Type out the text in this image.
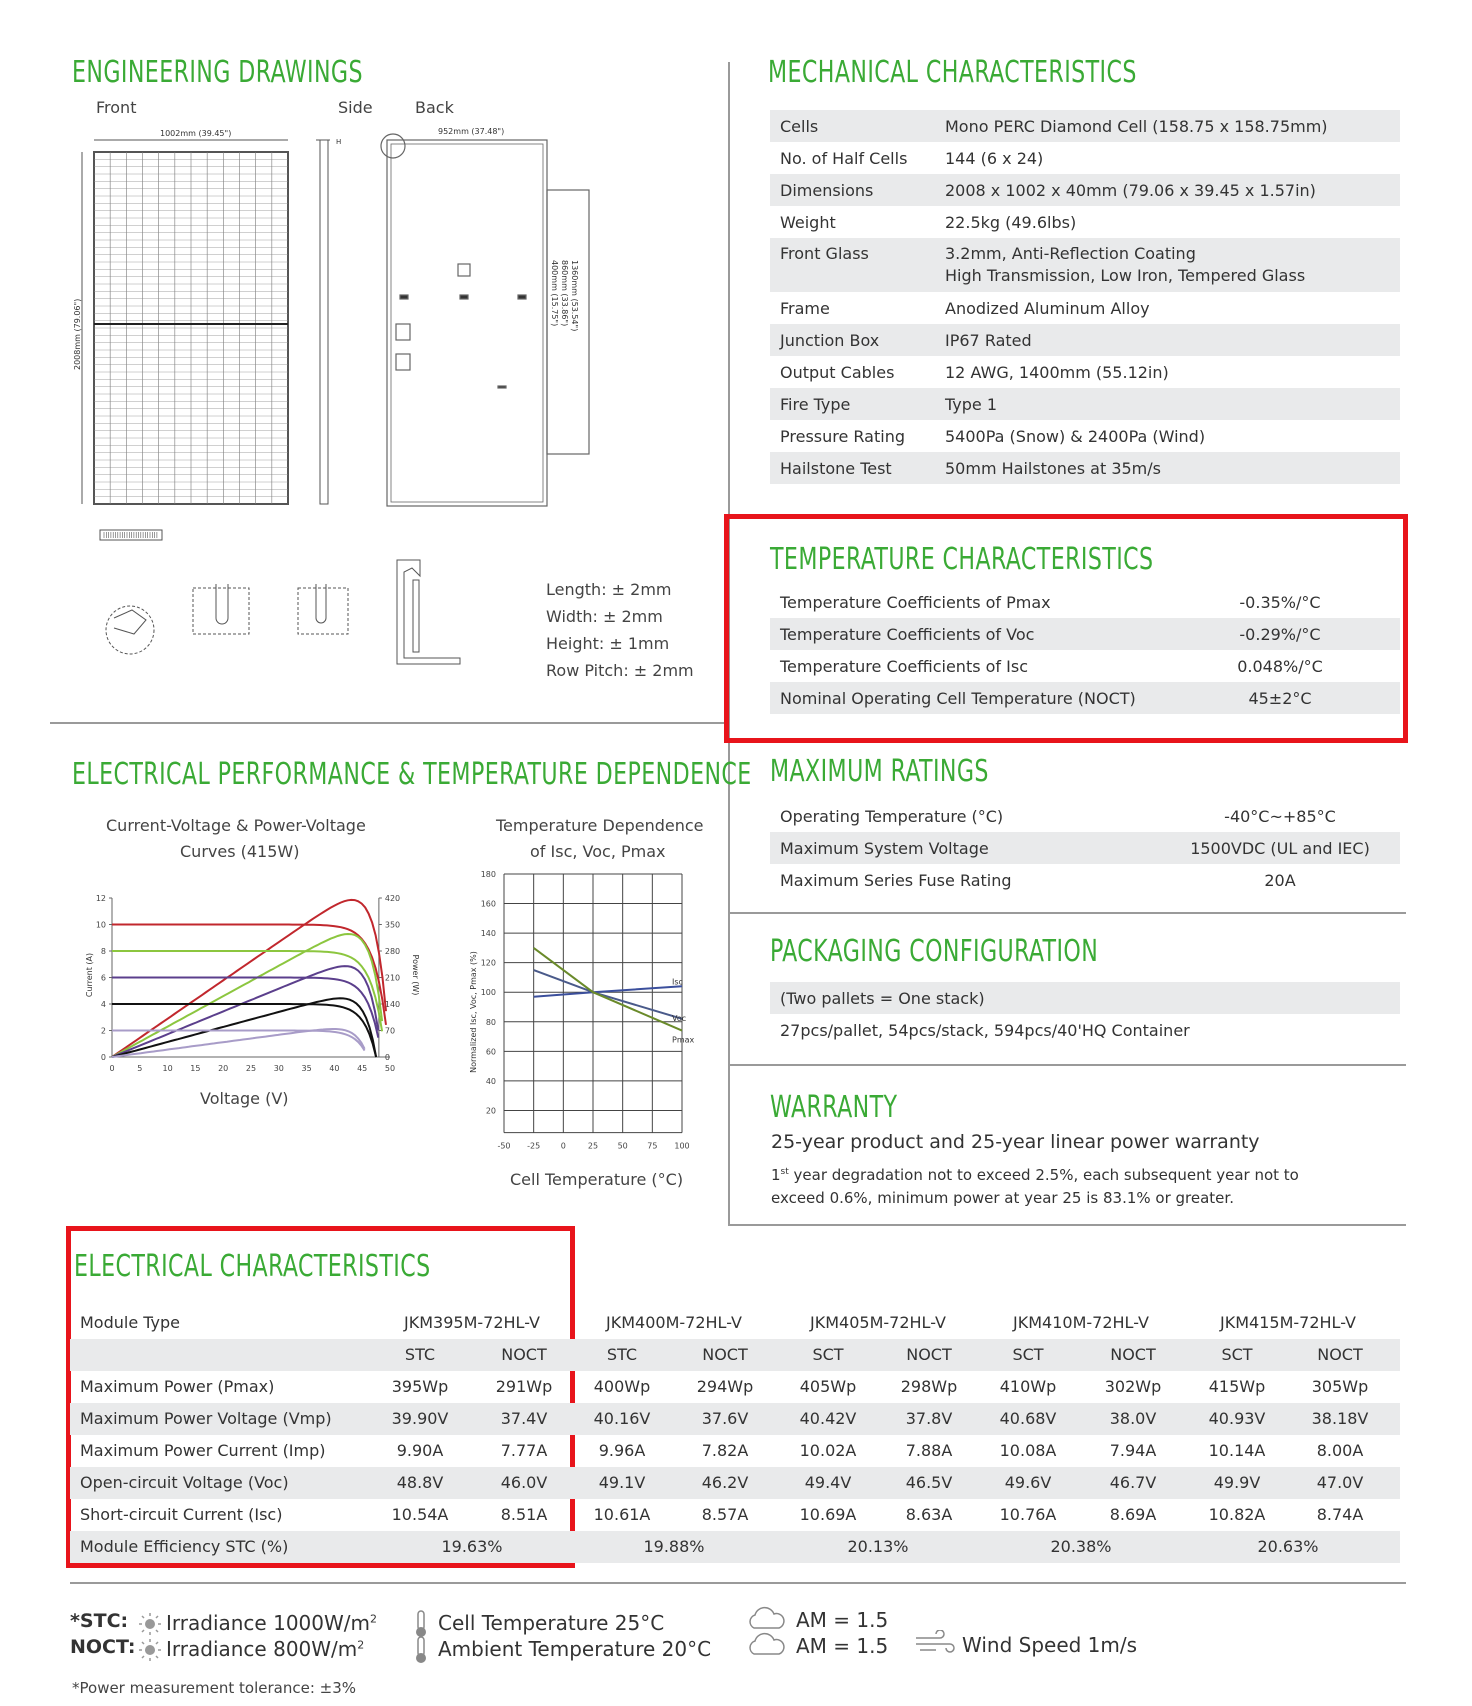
ENGINEERING DRAWINGS
Front	Side	Back
1002mm (39.45")
2008mm (79.06")
H
952mm (37.48")
1360mm (53.54")
860mm (33.86")
400mm (15.75")
Length: ± 2mm
Width: ± 2mm
Height: ± 1mm
Row Pitch: ± 2mm
MECHANICAL CHARACTERISTICS
Cells	Mono PERC Diamond Cell (158.75 x 158.75mm)
No. of Half Cells 144 (6 x 24)
Dimensions	2008 x 1002 x 40mm (79.06 x 39.45 x 1.57in)
Weight	22.5kg (49.6lbs)
Front Glass	3.2mm, Anti-Reflection Coating
High Transmission, Low Iron, Tempered Glass
Frame	Anodized Aluminum Alloy
Junction Box	IP67 Rated
Output Cables	12 AWG, 1400mm (55.12in)
Fire Type	Type 1
Pressure Rating	5400Pa (Snow) & 2400Pa (Wind)
Hailstone Test	50mm Hailstones at 35m/s
TEMPERATURE CHARACTERISTICS
Temperature Coefficients of Pmax	-0.35%/°C
Temperature Coefficients of Voc	-0.29%/°C
Temperature Coefficients of Isc	0.048%/°C
Nominal Operating Cell Temperature (NOCT)	45±2°C
MAXIMUM RATINGS
Operating Temperature (°C)	-40°C~+85°C
Maximum System Voltage	1500VDC (UL and IEC)
Maximum Series Fuse Rating	20A
PACKAGING CONFIGURATION
(Two pallets = One stack)
27pcs/pallet, 54pcs/stack, 594pcs/40'HQ Container
WARRANTY
25-year product and 25-year linear power warranty
1st year degradation not to exceed 2.5%, each subsequent year not to
exceed 0.6%, minimum power at year 25 is 83.1% or greater.
ELECTRICAL PERFORMANCE & TEMPERATURE DEPENDENCE
Current-Voltage & Power-Voltage
Curves (415W)
Temperature Dependence
of Isc, Voc, Pmax
0	5	10 15 20 25 30 35 40 45 50
0
2
4
6
8
10
12
0
70
140
210
280
350
420
Current (A)	Power (W)
Voltage (V)
-50 -25	0	25 50 75 100
20
40
60
80
100
120
140
160
180
Normalized Isc, Voc, Pmax (%)	Isc
Voc
Pmax
Cell Temperature (°C)
ELECTRICAL CHARACTERISTICS
Module Type	JKM395M-72HL-V	JKM400M-72HL-V	JKM405M-72HL-V	JKM410M-72HL-V	JKM415M-72HL-V
STC	NOCT	STC	NOCT	SCT	NOCT	SCT	NOCT	SCT	NOCT
Maximum Power (Pmax)	395Wp	291Wp	400Wp	294Wp	405Wp	298Wp	410Wp	302Wp	415Wp	305Wp
Maximum Power Voltage (Vmp)	39.90V	37.4V	40.16V	37.6V	40.42V	37.8V	40.68V	38.0V	40.93V	38.18V
Maximum Power Current (Imp)	9.90A	7.77A	9.96A	7.82A	10.02A	7.88A	10.08A	7.94A	10.14A	8.00A
Open-circuit Voltage (Voc)	48.8V	46.0V	49.1V	46.2V	49.4V	46.5V	49.6V	46.7V	49.9V	47.0V
Short-circuit Current (Isc)	10.54A	8.51A	10.61A	8.57A	10.69A	8.63A	10.76A	8.69A	10.82A	8.74A
Module Efficiency STC (%)	19.63%	19.88%	20.13%	20.38%	20.63%
*STC:
NOCT:
Irradiance $1000W/m^2$
Irradiance $800W/m^2$
Cell Temperature 25°C
Ambient Temperature 20°C
AM = 1.5
AM = 1.5	Wind Speed 1m/s
*Power measurement tolerance: ±3%
